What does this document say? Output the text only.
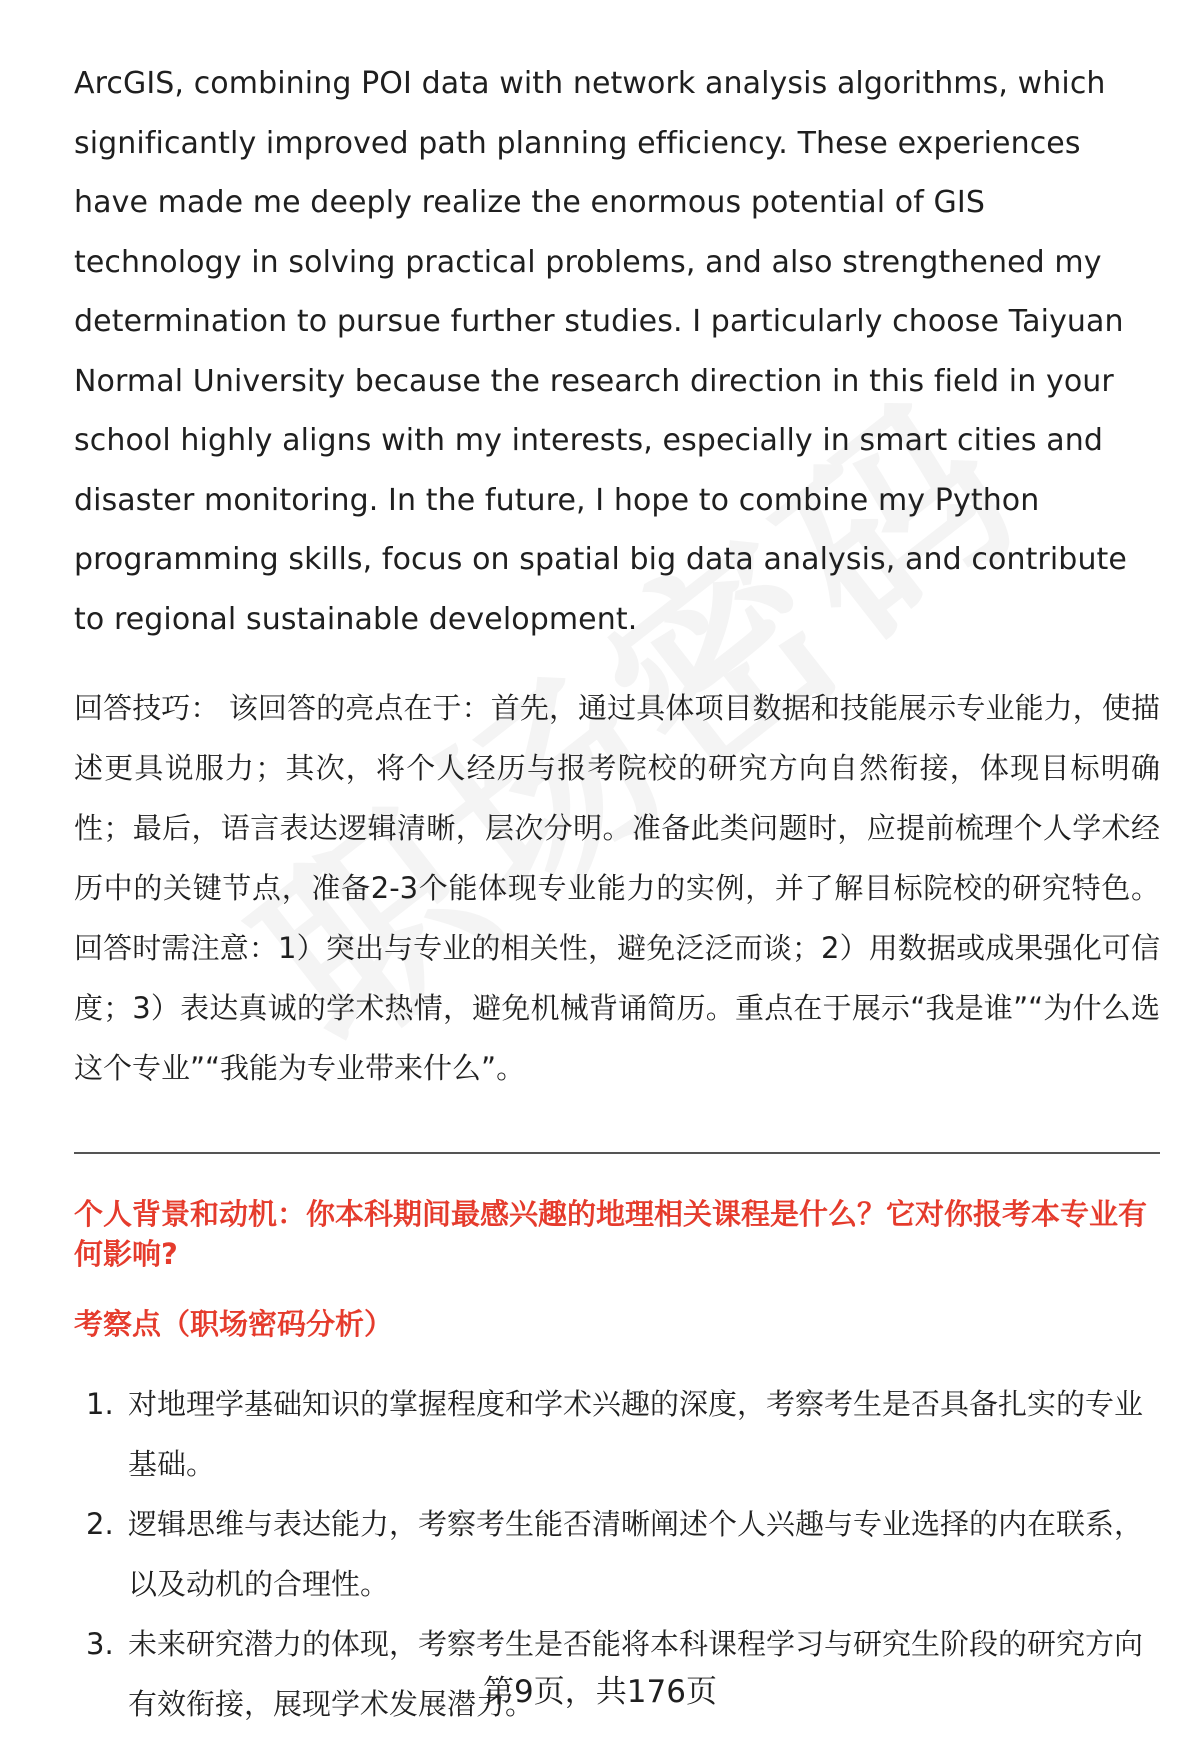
ArcGIS, combining POI data with network analysis algorithms, which significantly improved path planning efficiency. These experiences have made me deeply realize the enormous potential of GIS technology in solving practical problems, and also strengthened my determination to pursue further studies. I particularly choose Taiyuan Normal University because the research direction in this field in your school highly aligns with my interests, especially in smart cities and disaster monitoring. In the future, I hope to combine my Python programming skills, focus on spatial big data analysis, and contribute to regional sustainable development.

回答技巧： 该回答的亮点在于：首先，通过具体项目数据和技能展示专业能力，使描述更具说服力；其次，将个人经历与报考院校的研究方向自然衔接，体现目标明确性；最后，语言表达逻辑清晰，层次分明。准备此类问题时，应提前梳理个人学术经历中的关键节点，准备2-3个能体现专业能力的实例，并了解目标院校的研究特色。回答时需注意：1）突出与专业的相关性，避免泛泛而谈；2）用数据或成果强化可信度；3）表达真诚的学术热情，避免机械背诵简历。重点在于展示“我是谁”“为什么选这个专业”“我能为专业带来什么”。

个人背景和动机：你本科期间最感兴趣的地理相关课程是什么？它对你报考本专业有何影响?
考察点（职场密码分析）
1. 对地理学基础知识的掌握程度和学术兴趣的深度，考察考生是否具备扎实的专业基础。
2. 逻辑思维与表达能力，考察考生能否清晰阐述个人兴趣与专业选择的内在联系，以及动机的合理性。
3. 未来研究潜力的体现，考察考生是否能将本科课程学习与研究生阶段的研究方向有效衔接，展现学术发展潜力。
第9页，共176页
